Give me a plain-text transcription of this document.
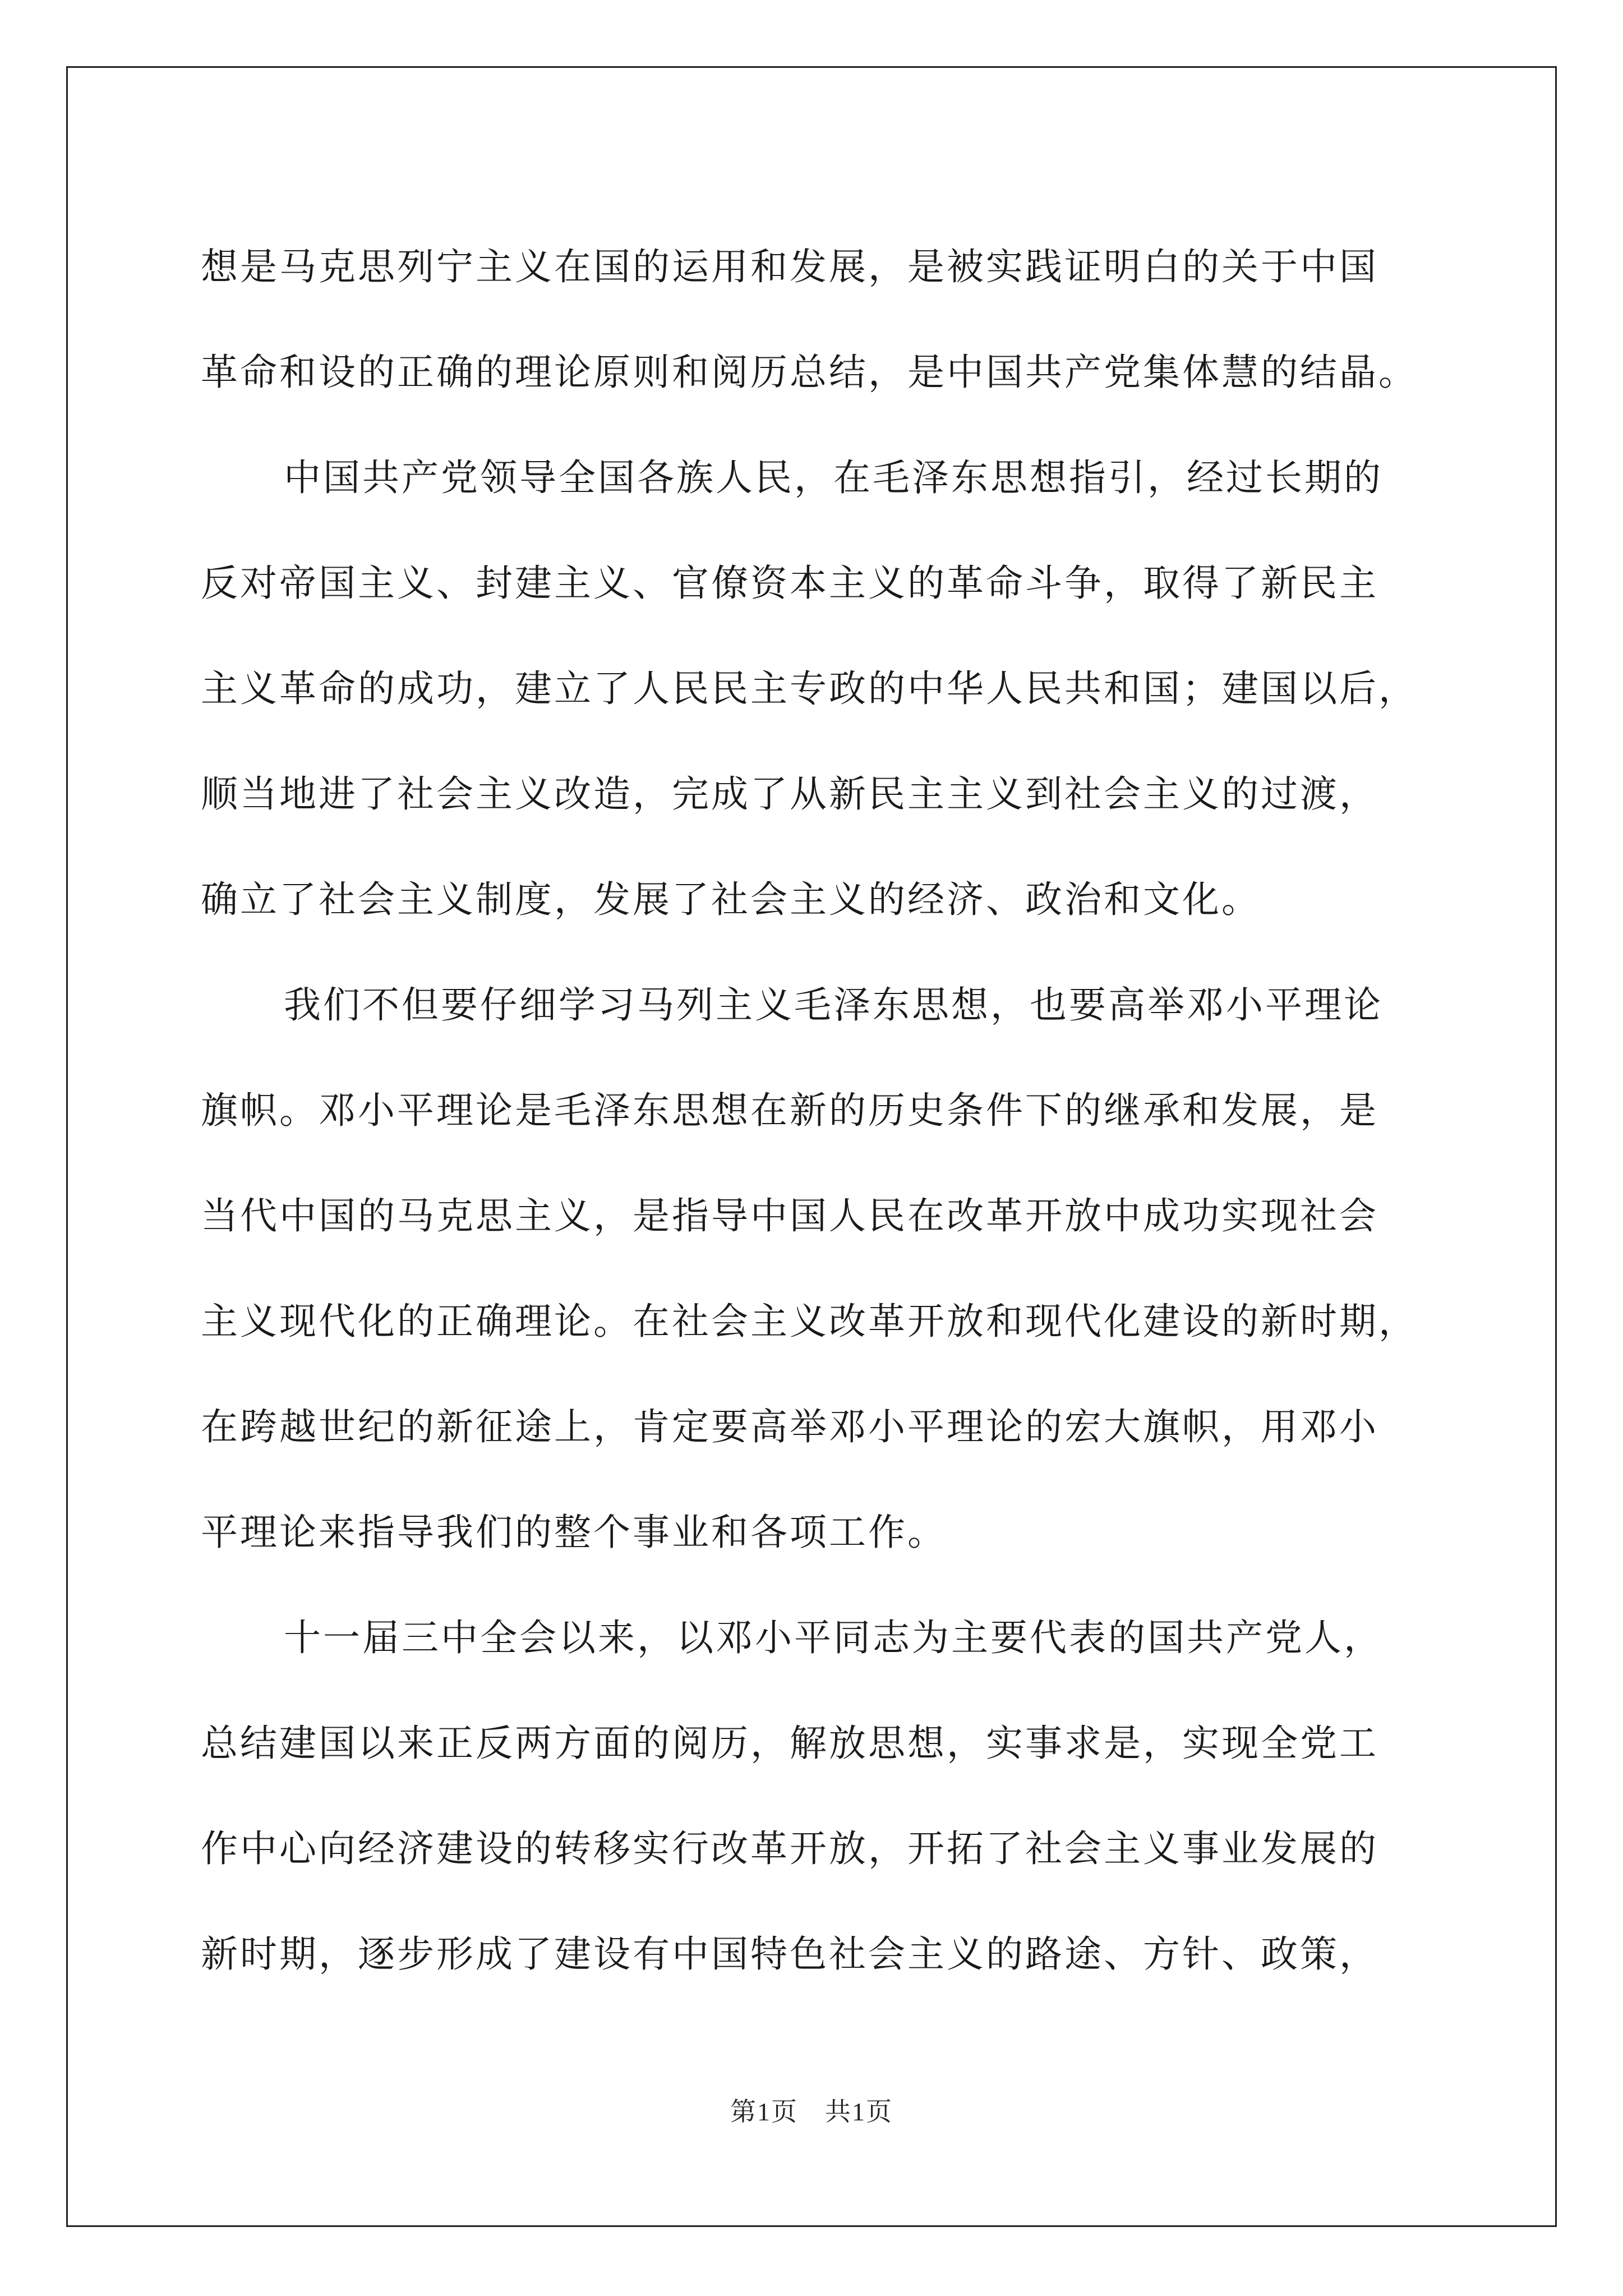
想是马克思列宁主义在国的运用和发展，是被实践证明白的关于中国
革命和设的正确的理论原则和阅历总结，是中国共产党集体慧的结晶。
中国共产党领导全国各族人民，在毛泽东思想指引，经过长期的
反对帝国主义、封建主义、官僚资本主义的革命斗争，取得了新民主
主义革命的成功，建立了人民民主专政的中华人民共和国；建国以后，
顺当地进了社会主义改造，完成了从新民主主义到社会主义的过渡，
确立了社会主义制度，发展了社会主义的经济、政治和文化。
我们不但要仔细学习马列主义毛泽东思想，也要高举邓小平理论
旗帜。邓小平理论是毛泽东思想在新的历史条件下的继承和发展，是
当代中国的马克思主义，是指导中国人民在改革开放中成功实现社会
主义现代化的正确理论。在社会主义改革开放和现代化建设的新时期，
在跨越世纪的新征途上，肯定要高举邓小平理论的宏大旗帜，用邓小
平理论来指导我们的整个事业和各项工作。
十一届三中全会以来，以邓小平同志为主要代表的国共产党人，
总结建国以来正反两方面的阅历，解放思想，实事求是，实现全党工
作中心向经济建设的转移实行改革开放，开拓了社会主义事业发展的
新时期，逐步形成了建设有中国特色社会主义的路途、方针、政策，
第1页　共1页
